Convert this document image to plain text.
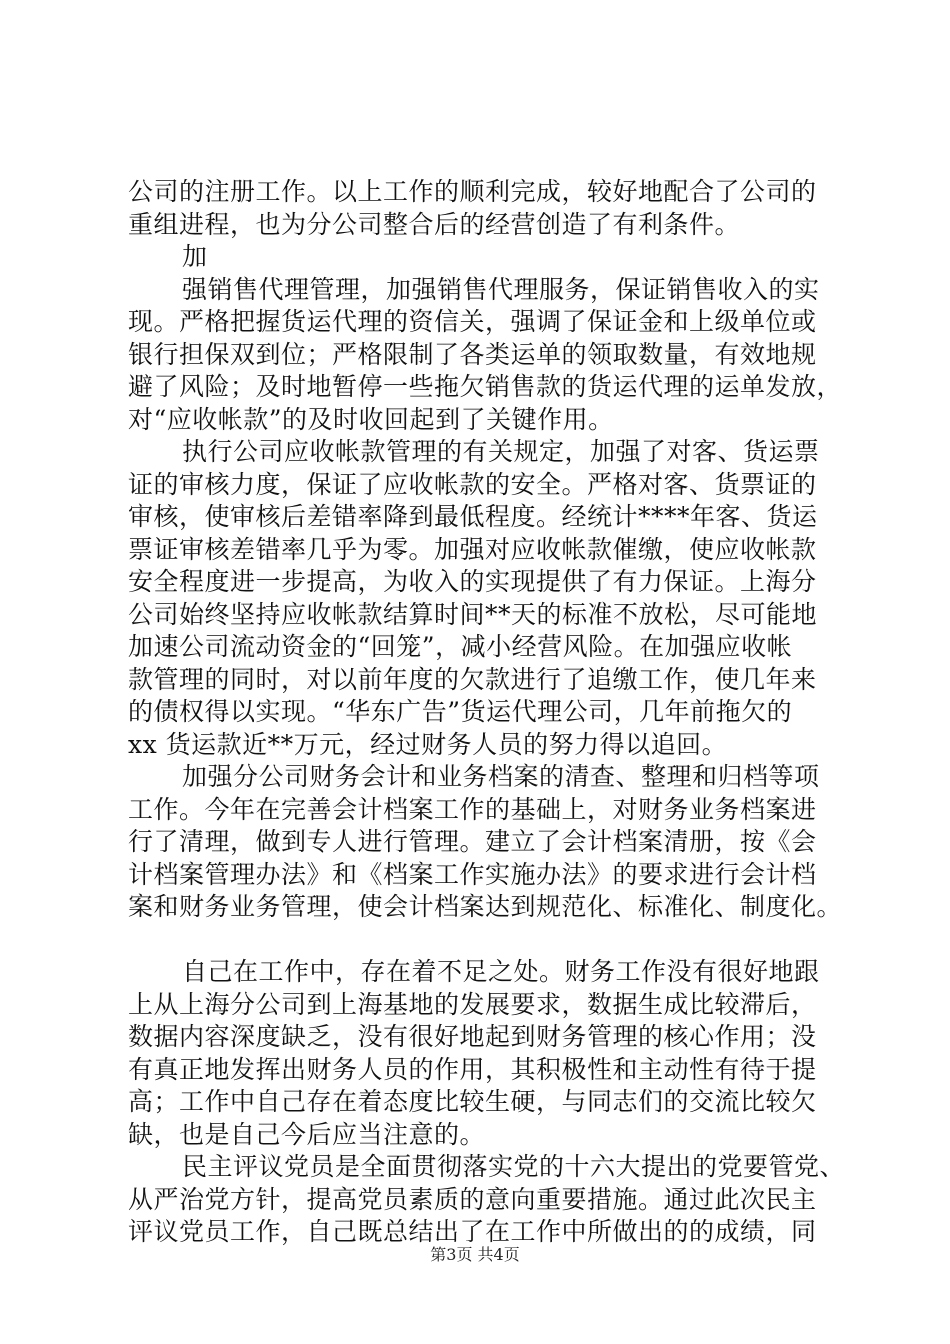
公司的注册工作。以上工作的顺利完成，较好地配合了公司的
重组进程，也为分公司整合后的经营创造了有利条件。
加
强销售代理管理，加强销售代理服务，保证销售收入的实
现。严格把握货运代理的资信关，强调了保证金和上级单位或
银行担保双到位；严格限制了各类运单的领取数量，有效地规
避了风险；及时地暂停一些拖欠销售款的货运代理的运单发放，
对“应收帐款”的及时收回起到了关键作用。
执行公司应收帐款管理的有关规定，加强了对客、货运票
证的审核力度，保证了应收帐款的安全。严格对客、货票证的
审核，使审核后差错率降到最低程度。经统计****年客、货运
票证审核差错率几乎为零。加强对应收帐款催缴，使应收帐款
安全程度进一步提高，为收入的实现提供了有力保证。上海分
公司始终坚持应收帐款结算时间**天的标准不放松，尽可能地
加速公司流动资金的“回笼”，减小经营风险。在加强应收帐
款管理的同时，对以前年度的欠款进行了追缴工作，使几年来
的债权得以实现。“华东广告”货运代理公司，几年前拖欠的
xx 货运款近**万元，经过财务人员的努力得以追回。
加强分公司财务会计和业务档案的清查、整理和归档等项
工作。今年在完善会计档案工作的基础上，对财务业务档案进
行了清理，做到专人进行管理。建立了会计档案清册，按《会
计档案管理办法》和《档案工作实施办法》的要求进行会计档
案和财务业务管理，使会计档案达到规范化、标准化、制度化。
自己在工作中，存在着不足之处。财务工作没有很好地跟
上从上海分公司到上海基地的发展要求，数据生成比较滞后，
数据内容深度缺乏，没有很好地起到财务管理的核心作用；没
有真正地发挥出财务人员的作用，其积极性和主动性有待于提
高；工作中自己存在着态度比较生硬，与同志们的交流比较欠
缺，也是自己今后应当注意的。
民主评议党员是全面贯彻落实党的十六大提出的党要管党、
从严治党方针，提高党员素质的意向重要措施。通过此次民主
评议党员工作，自己既总结出了在工作中所做出的的成绩，同
第3页 共4页
